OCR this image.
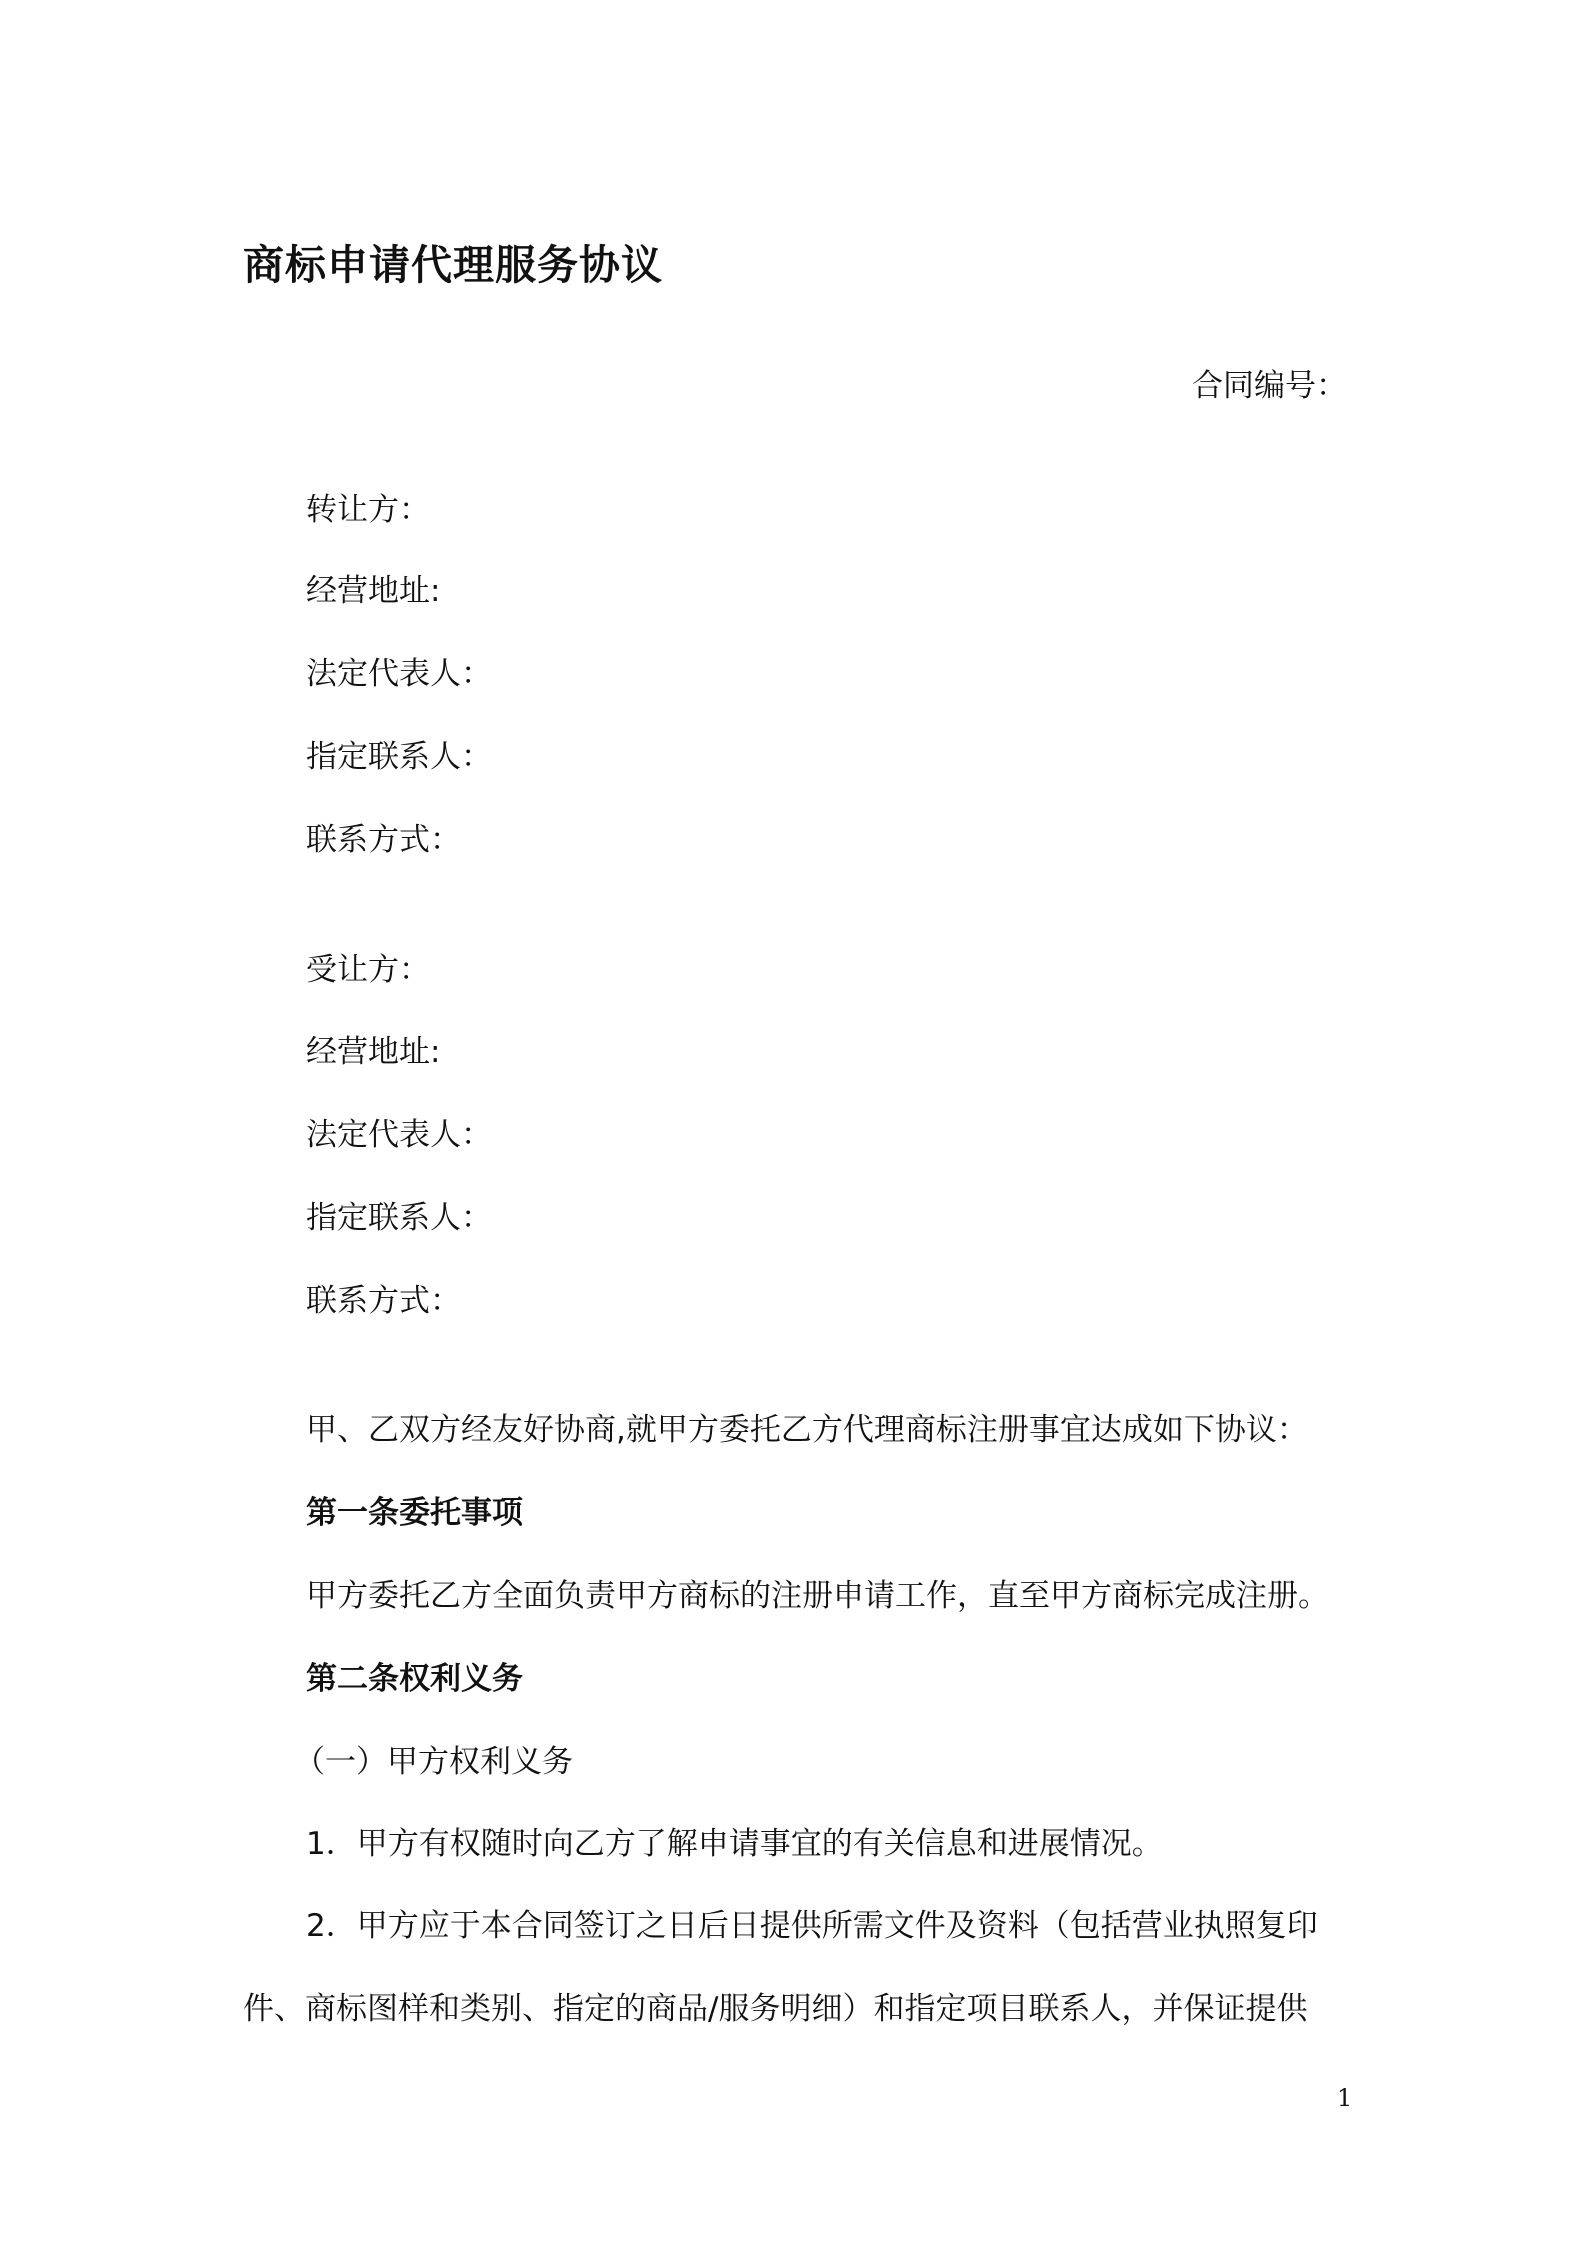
商标申请代理服务协议
合同编号：
转让方：
经营地址:
法定代表人：
指定联系人：
联系方式：
受让方：
经营地址:
法定代表人：
指定联系人：
联系方式：
甲、乙双方经友好协商,就甲方委托乙方代理商标注册事宜达成如下协议：
第一条委托事项
甲方委托乙方全面负责甲方商标的注册申请工作，直至甲方商标完成注册。
第二条权利义务
（一）甲方权利义务
1．甲方有权随时向乙方了解申请事宜的有关信息和进展情况。
2．甲方应于本合同签订之日后日提供所需文件及资料（包括营业执照复印
件、商标图样和类别、指定的商品/服务明细）和指定项目联系人，并保证提供
1
